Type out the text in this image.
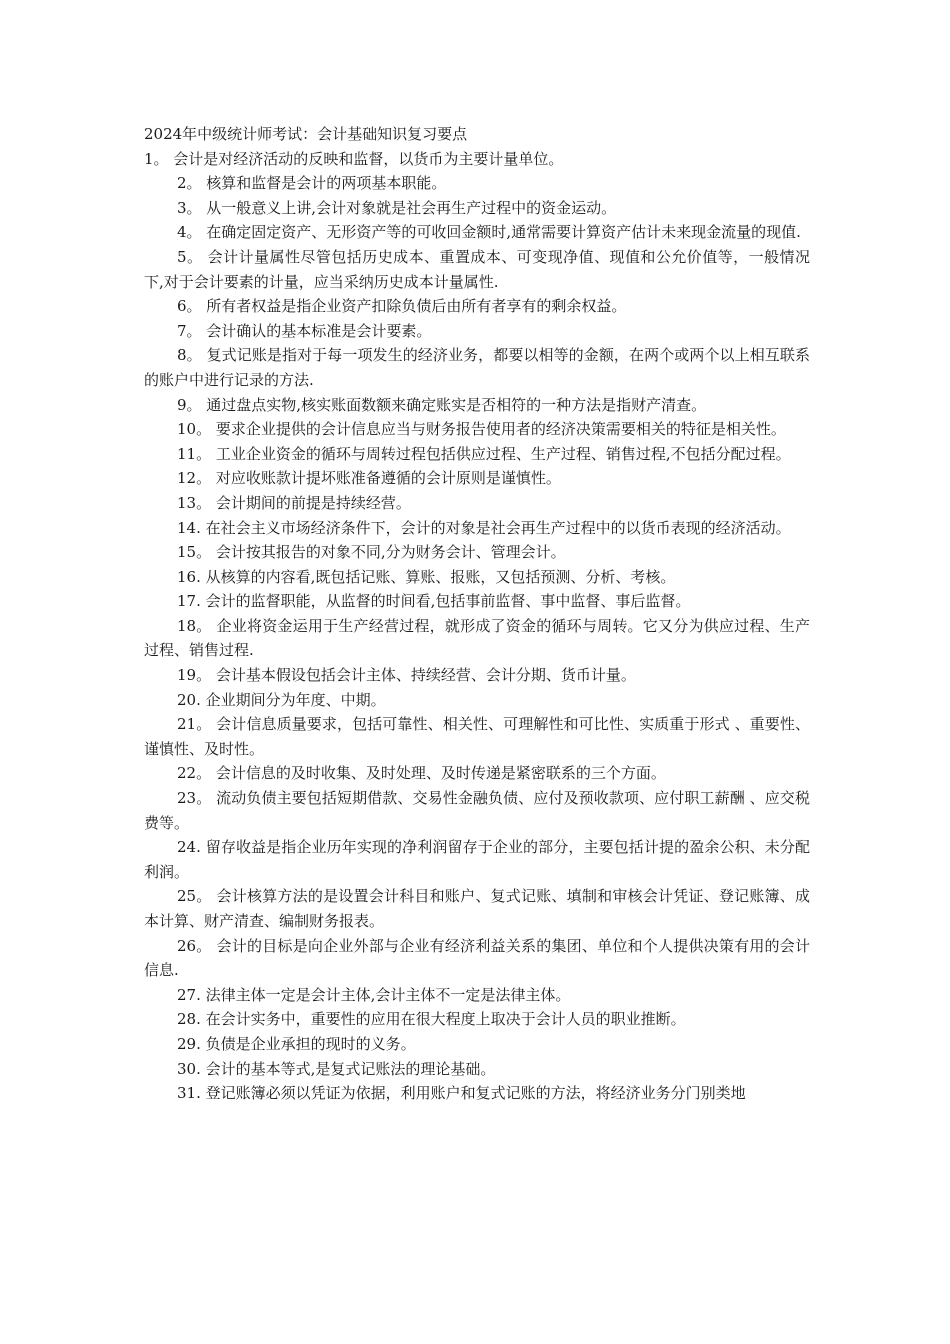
2024年中级统计师考试：会计基础知识复习要点

1。 会计是对经济活动的反映和监督，以货币为主要计量单位。

2。 核算和监督是会计的两项基本职能。

3。 从一般意义上讲,会计对象就是社会再生产过程中的资金运动。

4。 在确定固定资产、无形资产等的可收回金额时,通常需要计算资产估计未来现金流量的现值.

5。 会计计量属性尽管包括历史成本、重置成本、可变现净值、现值和公允价值等，一般情况下,对于会计要素的计量，应当采纳历史成本计量属性.

6。 所有者权益是指企业资产扣除负债后由所有者享有的剩余权益。

7。 会计确认的基本标准是会计要素。

8。 复式记账是指对于每一项发生的经济业务，都要以相等的金额，在两个或两个以上相互联系的账户中进行记录的方法.

9。 通过盘点实物,核实账面数额来确定账实是否相符的一种方法是指财产清查。

10。 要求企业提供的会计信息应当与财务报告使用者的经济决策需要相关的特征是相关性。

11。 工业企业资金的循环与周转过程包括供应过程、生产过程、销售过程,不包括分配过程。

12。 对应收账款计提坏账准备遵循的会计原则是谨慎性。

13。 会计期间的前提是持续经营。

14. 在社会主义市场经济条件下，会计的对象是社会再生产过程中的以货币表现的经济活动。

15。 会计按其报告的对象不同,分为财务会计、管理会计。

16. 从核算的内容看,既包括记账、算账、报账，又包括预测、分析、考核。

17. 会计的监督职能，从监督的时间看,包括事前监督、事中监督、事后监督。

18。 企业将资金运用于生产经营过程，就形成了资金的循环与周转。它又分为供应过程、生产过程、销售过程.

19。 会计基本假设包括会计主体、持续经营、会计分期、货币计量。

20. 企业期间分为年度、中期。

21。 会计信息质量要求，包括可靠性、相关性、可理解性和可比性、实质重于形式 、重要性、谨慎性、及时性。

22。 会计信息的及时收集、及时处理、及时传递是紧密联系的三个方面。

23。 流动负债主要包括短期借款、交易性金融负债、应付及预收款项、应付职工薪酬 、应交税费等。

24. 留存收益是指企业历年实现的净利润留存于企业的部分，主要包括计提的盈余公积、未分配利润。

25。 会计核算方法的是设置会计科目和账户、复式记账、填制和审核会计凭证、登记账簿、成本计算、财产清查、编制财务报表。

26。 会计的目标是向企业外部与企业有经济利益关系的集团、单位和个人提供决策有用的会计信息.

27. 法律主体一定是会计主体,会计主体不一定是法律主体。

28. 在会计实务中，重要性的应用在很大程度上取决于会计人员的职业推断。

29. 负债是企业承担的现时的义务。

30. 会计的基本等式,是复式记账法的理论基础。

31. 登记账簿必须以凭证为依据，利用账户和复式记账的方法，将经济业务分门别类地
